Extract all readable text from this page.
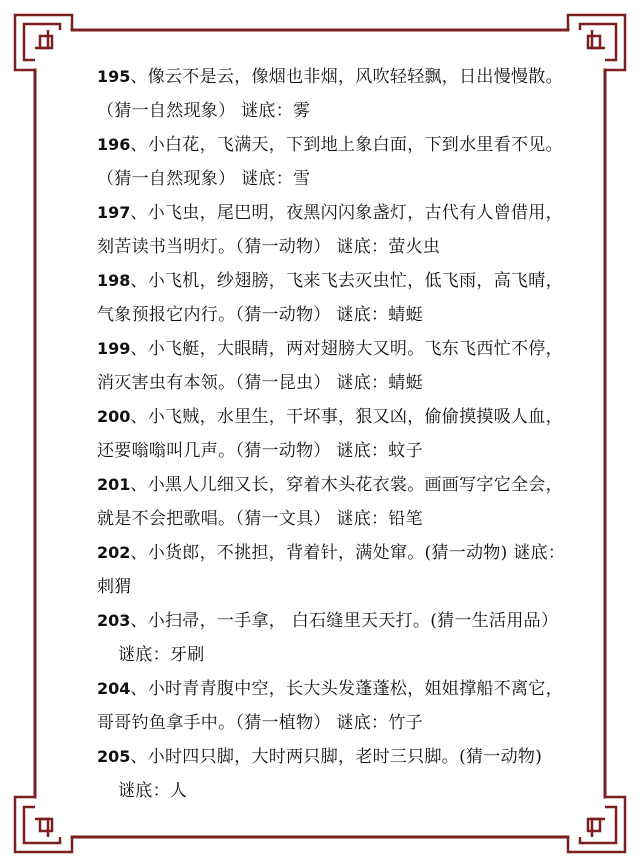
195、像云不是云，像烟也非烟，风吹轻轻飘，日出慢慢散。
（猜一自然现象） 谜底：雾
196、小白花，飞满天，下到地上象白面，下到水里看不见。
（猜一自然现象） 谜底：雪
197、小飞虫，尾巴明，夜黑闪闪象盏灯，古代有人曾借用，
刻苦读书当明灯。（猜一动物） 谜底：萤火虫
198、小飞机，纱翅膀，飞来飞去灭虫忙，低飞雨，高飞晴，
气象预报它内行。（猜一动物） 谜底：蜻蜓
199、小飞艇，大眼睛，两对翅膀大又明。飞东飞西忙不停，
消灭害虫有本领。（猜一昆虫） 谜底：蜻蜓
200、小飞贼，水里生，干坏事，狠又凶，偷偷摸摸吸人血，
还要嗡嗡叫几声。（猜一动物） 谜底：蚊子
201、小黑人儿细又长，穿着木头花衣裳。画画写字它全会，
就是不会把歌唱。（猜一文具） 谜底：铅笔
202、小货郎，不挑担，背着针，满处窜。(猜一动物) 谜底：
刺猬
203、小扫帚，一手拿， 白石缝里天天打。(猜一生活用品）
谜底：牙刷
204、小时青青腹中空，长大头发蓬蓬松，姐姐撑船不离它，
哥哥钓鱼拿手中。（猜一植物） 谜底：竹子
205、小时四只脚，大时两只脚，老时三只脚。(猜一动物)
谜底：人
